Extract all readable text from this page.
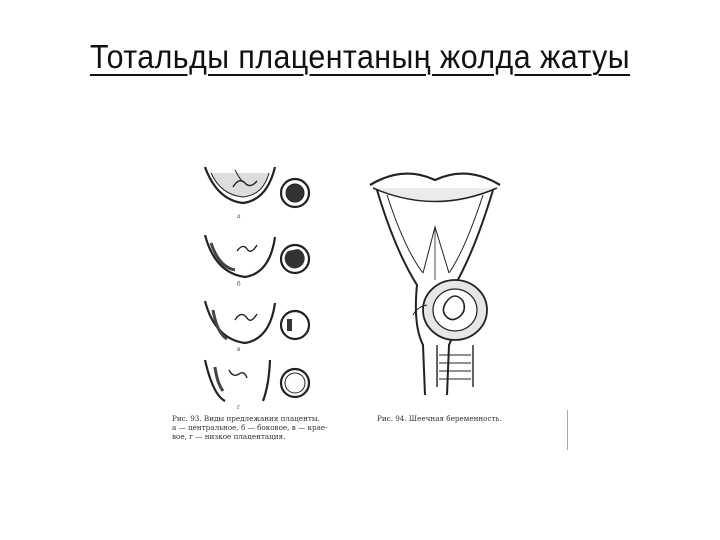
Тотальды плацентаның жолда жатуы
а
б
в
г
Рис. 93. Виды предлежания плаценты.
а — центральное, б — боковое, в — крае-
вое, г — низкое плацентация.
Рис. 94. Шеечная беременность.
